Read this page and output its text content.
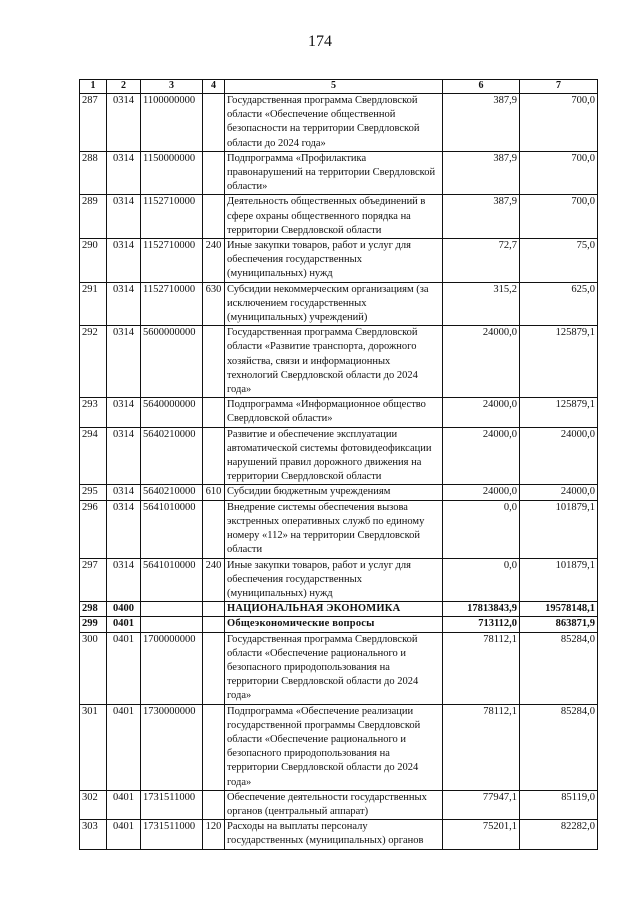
174
1	2	3	4	5	6	7
287	0314	1100000000		Государственная программа Свердловской области «Обеспечение общественной безопасности на территории Свердловской области до 2024 года»	387,9	700,0
288	0314	1150000000		Подпрограмма «Профилактика правонарушений на территории Свердловской области»	387,9	700,0
289	0314	1152710000		Деятельность общественных объединений в сфере охраны общественного порядка на территории Свердловской области	387,9	700,0
290	0314	1152710000	240	Иные закупки товаров, работ и услуг для обеспечения государственных (муниципальных) нужд	72,7	75,0
291	0314	1152710000	630	Субсидии некоммерческим организациям (за исключением государственных (муниципальных) учреждений)	315,2	625,0
292	0314	5600000000		Государственная программа Свердловской области «Развитие транспорта, дорожного хозяйства, связи и информационных технологий Свердловской области до 2024 года»	24000,0	125879,1
293	0314	5640000000		Подпрограмма «Информационное общество Свердловской области»	24000,0	125879,1
294	0314	5640210000		Развитие и обеспечение эксплуатации автоматической системы фотовидеофиксации нарушений правил дорожного движения на территории Свердловской области	24000,0	24000,0
295	0314	5640210000	610	Субсидии бюджетным учреждениям	24000,0	24000,0
296	0314	5641010000		Внедрение системы обеспечения вызова экстренных оперативных служб по единому номеру «112» на территории Свердловской области	0,0	101879,1
297	0314	5641010000	240	Иные закупки товаров, работ и услуг для обеспечения государственных (муниципальных) нужд	0,0	101879,1
298	0400			НАЦИОНАЛЬНАЯ ЭКОНОМИКА	17813843,9	19578148,1
299	0401			Общеэкономические вопросы	713112,0	863871,9
300	0401	1700000000		Государственная программа Свердловской области «Обеспечение рационального и безопасного природопользования на территории Свердловской области до 2024 года»	78112,1	85284,0
301	0401	1730000000		Подпрограмма «Обеспечение реализации государственной программы Свердловской области «Обеспечение рационального и безопасного природопользования на территории Свердловской области до 2024 года»	78112,1	85284,0
302	0401	1731511000		Обеспечение деятельности государственных органов (центральный аппарат)	77947,1	85119,0
303	0401	1731511000	120	Расходы на выплаты персоналу государственных (муниципальных) органов	75201,1	82282,0
